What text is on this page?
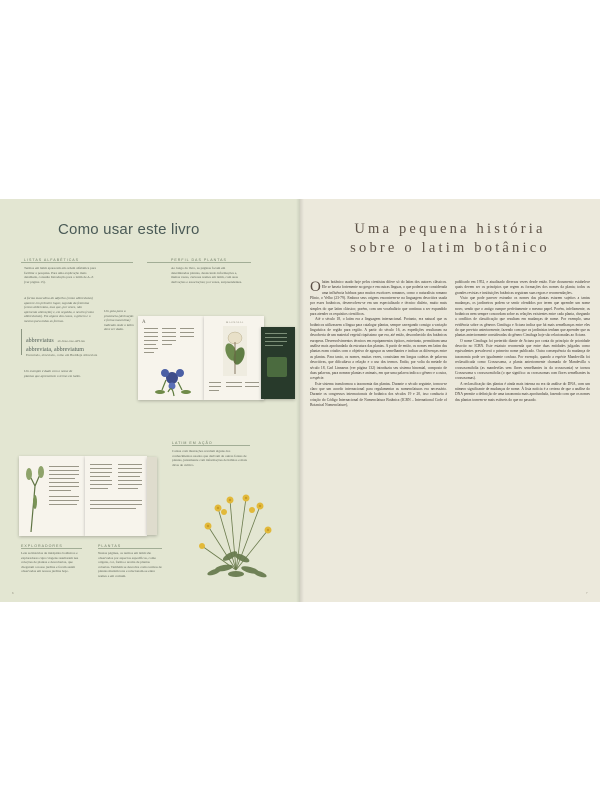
Como usar este livro
LISTAS ALFABÉTICAS
Termos em latim aparecem em ordem alfabética para facilitar a pesquisa. Para uma explicação mais detalhada, consulte Introdução para o latim de A–Z (ver página 13).
A forma masculina do adjetivo (como abbreviatus) aparece em primeiro lugar, seguida da feminina (como abbreviata, mas que, por vezes, não apresenta alteração) e, em seguida, o neutro (como abbreviatum). Em alguns dos casos, o gênero e o mesmo para todas as formas.
Um guia para a pronúncia (derivação e forma masculina) indicado onde o latim deve ser dada.
abbreviatus ab-bree-vee-AH-tus
abbreviata, abbreviatum
Encurtado, abreviado, como em Buddleja abbreviata
Um exemplo é dado com o nome de plantas que apresentem o termo em latim.
PERFIL DAS PLANTAS
Ao longo do livro, as páginas focam em determinadas plantas, destacando informações e, muitas vezes, curiosas nomes em latim, com suas derivações e associações; por vezes, surpreendentes.
A	MAGNOLIA
LATIM EM AÇÃO
Caixas com ilustrações revelam alguns dos conhecimentos usados que derivam de outras fontes de plantas, juntamente com informações de hábitos e mais dicas de cultivo.
EXPLORADORES
Leia as histórias de intrépidos botânicos e exploradores cujos viagens resultaram nas coleções de plantas e descobertas, que chegaram a nosso jardins e foram assim observadas em nossos jardins hoje.
PLANTAS
Nestas páginas, os termos em latim são observados por aspectos específicos, como origens, cor, forma e aroma de plantas cobertas. Também se descobre como termos de plantas mudam tons e relacionam-se entre nomes e em comum.
6
Uma pequena história
sobre o latim botânico

Olatim botânico usado hoje pelos cientistas difere só do latim dos autores clássicos. Ele se baseia fortemente no grego e em outras línguas, o que poderia ser considerada uma influência bárbara para muitos escritores romanos, como o naturalista romano Plínio, o Velho (23-79). Embora seus origens encontrem-se na linguagem descritiva usada por esses botânicos, desenvolveu-se em um especializado e técnico dialeto, muito mais simples do que latim clássico; porém, com um vocabulário que continua a ser expandido para atender os requisitos científicos.

Até o século 18, o latim era a linguagem internacional. Portanto, era natural que os botânicos utilizassem a língua para catalogar plantas, sempre carregando consigo a variação linguística de região para região. A partir do século 16, as expedições resultaram na descoberta de um material vegetal riquíssimo que era, até então, desconhecido dos botânicos europeus. Desenvolvimentos técnicos em equipamentos ópticos, entretanto, permitiram uma análise mais aprofundada da estrutura das plantas. A partir de então, os nomes em latim das plantas eram criados com o objetivo de agrupar as semelhantes e indicar as diferenças entre as plantas. Para tanto, os nomes, muitas vezes, consistiam em longas cadeias de palavras descritivas, que dificultava a relação e o uso dos termos. Então, por volta da metade do século 18, Carl Linnaeus (ver página 132) introduziu seu sistema binomial, composto de duas palavras, para nomear plantas e animais, em que uma palavra indica o gênero e a outra, a espécie.

Este sistema transformou a taxonomia das plantas. Durante o século seguinte, tornou-se claro que um acordo internacional para regulamentar as nomenclaturas era necessário. Durante os congressos internacionais de botânica dos séculos 19 e 20, isso conduziu à criação do Código Internacional de Nomenclatura Botânica (ICBN – International Code of Botanical Nomenclature),

publicado em 1952, e atualizado diversas vezes desde então. Este documento estabelece quais devem ser os princípios que regem as formações dos nomes da planta; todos os grandes revistas e instituições botânicas seguiram suas regras e recomendações.

Visto que pode parecer estranho os nomes das plantas estarem sujeitos a tantas mudanças, os jardineiros podem se sentir ofendidos por terem que aprender um nome novo, sendo que o antigo cumpre perfeitamente o mesmo papel. Porém, infelizmente, os botânicos nem sempre concordam sobre as relações existentes entre cada planta, chegando a conflitos de classificação que resultam em mudanças de nome. Por exemplo, uma evidência sobre os gêneros Cimifuga e Actaea indica que há mais semelhanças entre eles do que previsto anteriormente, fazendo com que os jardinistas tenham que aprender que as plantas anteriormente consideradas do gênero Cimifuga hoje são relacionadas ao Actaea.

O nome Cimifuga foi preterido diante de Actaea por conta do princípio de prioridade descrito no ICBN. Este estatuto recomenda que entre duas entidades julgadas como equivalentes prevalecerá o primeiro nome publicado. Outra consequência da mudança de taxonomia pode ser igualmente confusa. Por exemplo, quando a espécie Mandevilla foi reclassificada como Crossosoma, a planta anteriormente chamada de Mandevilla x crossosomifolia (as mandevilas sem flores semelhantes às da crossosonia) se tornou Crossosoma x crossosomifolia (o que significa: as crossosomas com flores semelhantes às crossosomas).

A reclassificação das plantas é ainda mais intensa na era da análise do DNA, com um número significante de mudanças de nome. À lista notícia é a certeza de que a análise do DNA permite a definição de uma taxonomia mais aprofundada, fazendo com que os nomes das plantas tornem-se mais estáveis do que no passado.

7
